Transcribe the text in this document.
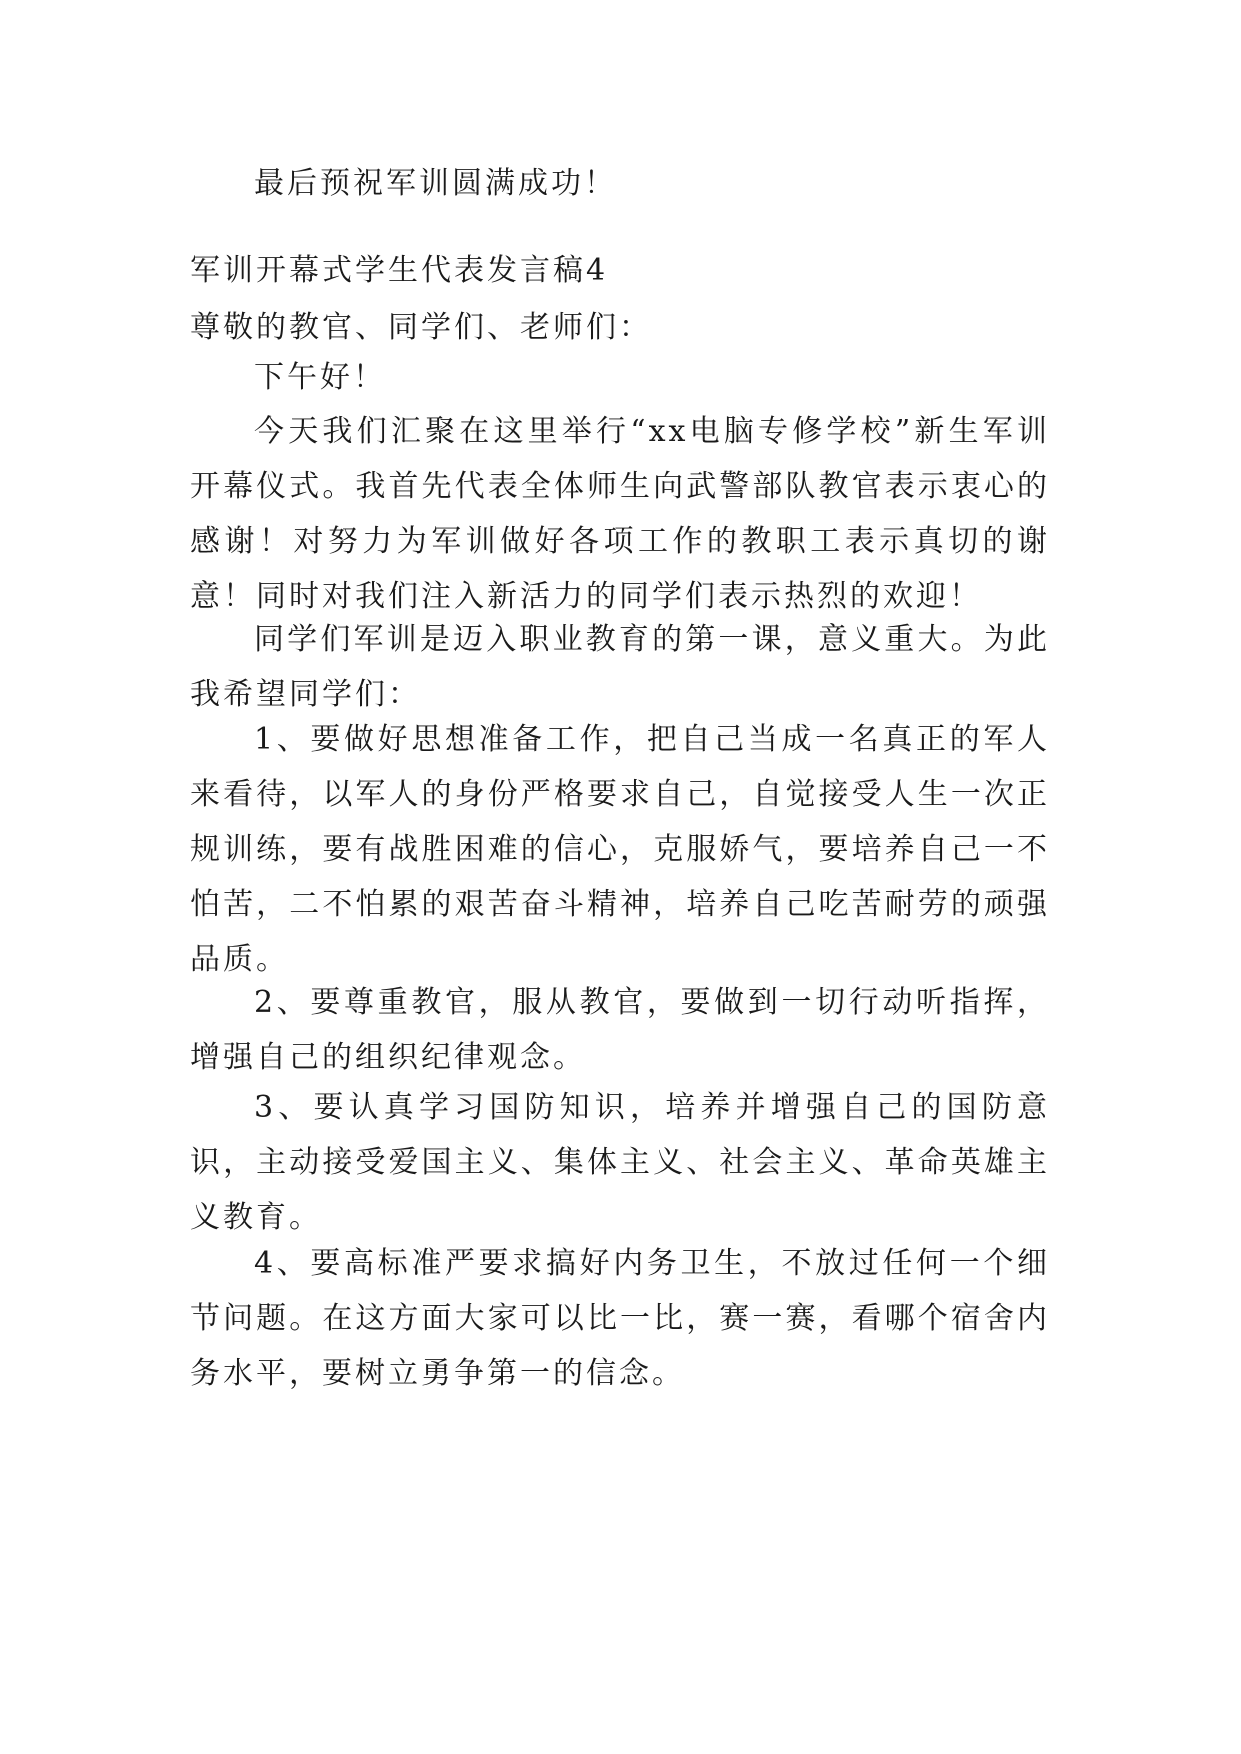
最后预祝军训圆满成功！
军训开幕式学生代表发言稿4
尊敬的教官、同学们、老师们：
下午好！
今天我们汇聚在这里举行“xx电脑专修学校”新生军训开幕仪式。我首先代表全体师生向武警部队教官表示衷心的感谢！对努力为军训做好各项工作的教职工表示真切的谢意！同时对我们注入新活力的同学们表示热烈的欢迎！
同学们军训是迈入职业教育的第一课，意义重大。为此我希望同学们：
1、要做好思想准备工作，把自己当成一名真正的军人来看待，以军人的身份严格要求自己，自觉接受人生一次正规训练，要有战胜困难的信心，克服娇气，要培养自己一不怕苦，二不怕累的艰苦奋斗精神，培养自己吃苦耐劳的顽强品质。
2、要尊重教官，服从教官，要做到一切行动听指挥，增强自己的组织纪律观念。
3、要认真学习国防知识，培养并增强自己的国防意识，主动接受爱国主义、集体主义、社会主义、革命英雄主义教育。
4、要高标准严要求搞好内务卫生，不放过任何一个细节问题。在这方面大家可以比一比，赛一赛，看哪个宿舍内务水平，要树立勇争第一的信念。
